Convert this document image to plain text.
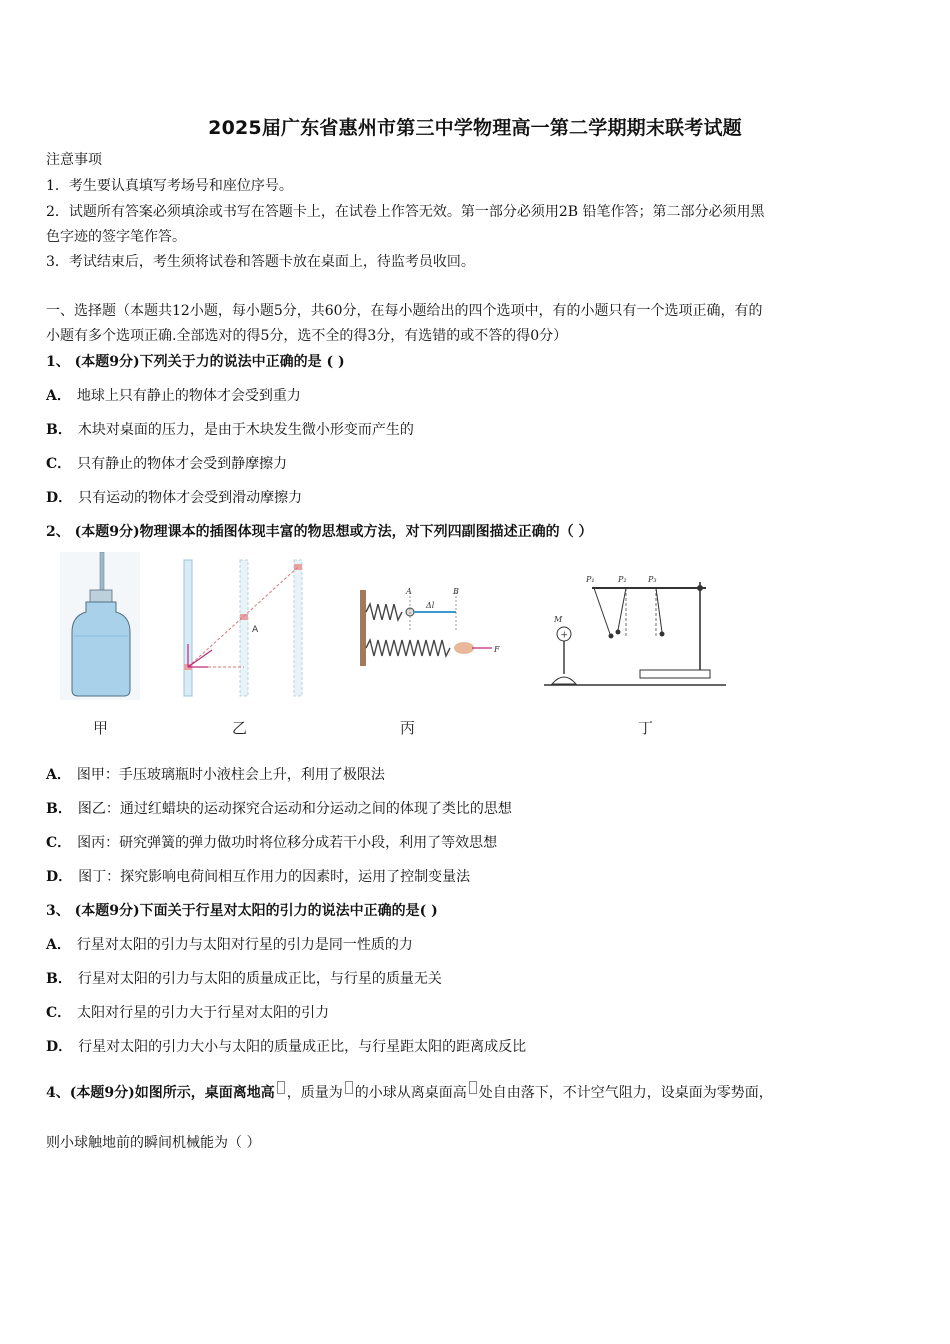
2025届广东省惠州市第三中学物理高一第二学期期末联考试题
注意事项
1．考生要认真填写考场号和座位序号。
2．试题所有答案必须填涂或书写在答题卡上，在试卷上作答无效。第一部分必须用2B 铅笔作答；第二部分必须用黑
色字迹的签字笔作答。
3．考试结束后，考生须将试卷和答题卡放在桌面上，待监考员收回。
一、选择题（本题共12小题，每小题5分，共60分，在每小题给出的四个选项中，有的小题只有一个选项正确，有的
小题有多个选项正确.全部选对的得5分，选不全的得3分，有选错的或不答的得0分）
1、 (本题9分)下列关于力的说法中正确的是 ( )
A． 地球上只有静止的物体才会受到重力
B． 木块对桌面的压力，是由于木块发生微小形变而产生的
C． 只有静止的物体才会受到静摩擦力
D． 只有运动的物体才会受到滑动摩擦力
2、 (本题9分)物理课本的插图体现丰富的物思想或方法，对下列四副图描述正确的（ ）
甲
A
乙
A	B
Δl
F
丙
P₁	P₂	P₃
+
M
丁
A． 图甲：手压玻璃瓶时小液柱会上升，利用了极限法
B． 图乙：通过红蜡块的运动探究合运动和分运动之间的体现了类比的思想
C． 图丙：研究弹簧的弹力做功时将位移分成若干小段，利用了等效思想
D． 图丁：探究影响电荷间相互作用力的因素时，运用了控制变量法
3、 (本题9分)下面关于行星对太阳的引力的说法中正确的是( )
A． 行星对太阳的引力与太阳对行星的引力是同一性质的力
B． 行星对太阳的引力与太阳的质量成正比，与行星的质量无关
C． 太阳对行星的引力大于行星对太阳的引力
D． 行星对太阳的引力大小与太阳的质量成正比，与行星距太阳的距离成反比
4、(本题9分)如图所示，桌面离地高 ，质量为 的小球从离桌面高 处自由落下，不计空气阻力，设桌面为零势面，
则小球触地前的瞬间机械能为（ ）
